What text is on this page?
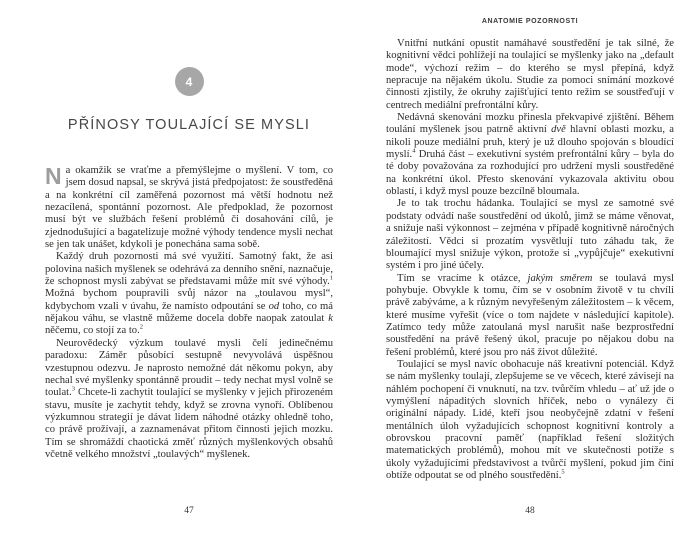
4
PŘÍNOSY TOULAJÍCÍ SE MYSLI

Na okamžik se vraťme a přemýšlejme o myšlení. V tom, co jsem dosud napsal, se skrývá jistá předpojatost: že soustředěná a na konkrétní cíl zaměřená pozornost má větší hodnotu než nezacílená, spontánní pozornost. Ale předpoklad, že pozornost musí být ve službách řešení problémů či dosahování cílů, je zjednodušující a bagatelizuje možné výhody tendence mysli nechat se jen tak unášet, kdykoli je ponechána sama sobě.

Každý druh pozornosti má své využití. Samotný fakt, že asi polovina našich myšlenek se odehrává za denního snění, naznačuje, že schopnost mysli zabývat se představami může mít své výhody.$^1$ Možná bychom poupravili svůj názor na „toulavou mysl“, kdybychom vzali v úvahu, že namísto odpoutání se od toho, co má nějakou váhu, se vlastně můžeme docela dobře naopak zatoulat k něčemu, co stojí za to.$^2$

Neurovědecký výzkum toulavé mysli čelí jedinečnému paradoxu: Záměr působící sestupně nevyvolává úspěšnou vzestupnou odezvu. Je naprosto nemožné dát někomu pokyn, aby nechal své myšlenky spontánně proudit – tedy nechat mysl volně se toulat.$^3$ Chcete-li zachytit toulající se myšlenky v jejich přirozeném stavu, musíte je zachytit tehdy, když se zrovna vynoří. Oblíbenou výzkumnou strategií je dávat lidem náhodné otázky ohledně toho, co právě prožívají, a zaznamenávat přitom činnosti jejich mozku. Tím se shromáždí chaotická změť různých myšlenkových obsahů včetně velkého množství „toulavých“ myšlenek.

47
ANATOMIE POZORNOSTI

Vnitřní nutkání opustit namáhavé soustředění je tak silné, že kognitivní vědci pohlížejí na toulající se myšlenky jako na „default mode“, výchozí režim – do kterého se mysl přepíná, když nepracuje na nějakém úkolu. Studie za pomoci snímání mozkové činnosti zjistily, že okruhy zajišťující tento režim se soustřeďují v centrech mediální prefrontální kůry.

Nedávná skenování mozku přinesla překvapivé zjištění. Během toulání myšlenek jsou patrně aktivní dvě hlavní oblasti mozku, a nikoli pouze mediální pruh, který je už dlouho spojován s bloudící myslí.$^4$ Druhá část – exekutivní systém prefrontální kůry – byla do té doby považována za rozhodující pro udržení mysli soustředěné na konkrétní úkol. Přesto skenování vykazovala aktivitu obou oblastí, i když mysl pouze bezcílně bloumala.

Je to tak trochu hádanka. Toulající se mysl ze samotné své podstaty odvádí naše soustředění od úkolů, jimž se máme věnovat, a snižuje naši výkonnost – zejména v případě kognitivně náročných záležitostí. Vědci si prozatím vysvětlují tuto záhadu tak, že bloumající mysl snižuje výkon, protože si „vypůjčuje“ exekutivní systém i pro jiné účely.

Tím se vracíme k otázce, jakým směrem se toulavá mysl pohybuje. Obvykle k tomu, čím se v osobním životě v tu chvíli právě zabýváme, a k různým nevyřešeným záležitostem – k věcem, které musíme vyřešit (více o tom najdete v následující kapitole). Zatímco tedy může zatoulaná mysl narušit naše bezprostřední soustředění na právě řešený úkol, pracuje po nějakou dobu na řešení problémů, které jsou pro náš život důležité.

Toulající se mysl navíc obohacuje náš kreativní potenciál. Když se nám myšlenky toulají, zlepšujeme se ve věcech, které závisejí na náhlém pochopení či vnuknutí, na tzv. tvůrčím vhledu – ať už jde o vymýšlení nápaditých slovních hříček, nebo o vynálezy či originální nápady. Lidé, kteří jsou neobyčejně zdatní v řešení mentálních úloh vyžadujících schopnost kognitivní kontroly a obrovskou pracovní paměť (například řešení složitých matematických problémů), mohou mít ve skutečnosti potíže s úkoly vyžadujícími představivost a tvůrčí myšlení, pokud jim činí obtíže odpoutat se od plného soustředění.$^5$

48
